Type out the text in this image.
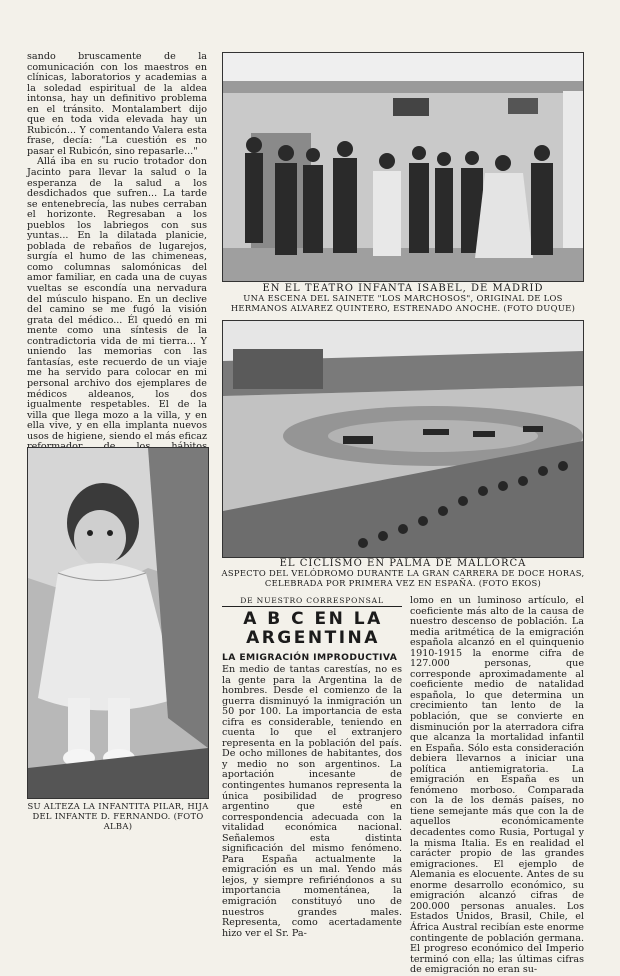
sando bruscamente de la comunicación con los maestros en clínicas, laboratorios y academias a la soledad espiritual de la aldea intonsa, hay un definitivo problema en el tránsito. Montalambert dijo que en toda vida elevada hay un Rubicón... Y comentando Valera esta frase, decía: "La cuestión es no pasar el Rubicón, sino repasarle..."

Allá iba en su rucio trotador don Jacinto para llevar la salud o la esperanza de la salud a los desdichados que sufren... La tarde se entenebrecía, las nubes cerraban el horizonte. Regresaban a los pueblos los labriegos con sus yuntas... En la dilatada planicie, poblada de rebaños de lugarejos, surgía el humo de las chimeneas, como columnas salomónicas del amor familiar, en cada una de cuyas vueltas se escondía una nervadura del músculo hispano. En un declive del camino se me fugó la visión grata del médico... Él quedó en mi mente como una síntesis de la contradictoria vida de mi tierra... Y uniendo las memorias con las fantasías, este recuerdo de un viaje me ha servido para colocar en mi personal archivo dos ejemplares de médicos aldeanos, los dos igualmente respetables. El de la villa que llega mozo a la villa, y en ella vive, y en ella implanta nuevos usos de higiene, siendo el más eficaz

SU ALTEZA LA INFANTITA PILAR, HIJA DEL INFANTE D. FERNANDO. (FOTO ALBA)
EN EL TEATRO INFANTA ISABEL, DE MADRID
UNA ESCENA DEL SAINETE "LOS MARCHOSOS", ORIGINAL DE LOS HERMANOS ALVAREZ QUINTERO, ESTRENADO ANOCHE. (FOTO DUQUE)
EL CICLISMO EN PALMA DE MALLORCA
ASPECTO DEL VELÓDROMO DURANTE LA GRAN CARRERA DE DOCE HORAS, CELEBRADA POR PRIMERA VEZ EN ESPAÑA. (FOTO EKOS)
DE NUESTRO CORRESPONSAL
A B C EN LA ARGENTINA
LA EMIGRACIÓN IMPRODUCTIVA

En medio de tantas carestías, no es la gente para la Argentina la de hombres. Desde el comienzo de la guerra disminuyó la inmigración un 50 por 100. La importancia de esta cifra es considerable, teniendo en cuenta lo que el extranjero representa en la población del país. De ocho millones de habitantes, dos y medio no son argentinos. La aportación incesante de contingentes humanos representa la única posibilidad de progreso argentino que esté en correspondencia adecuada con la vitalidad económica nacional. Señalemos esta distinta significación del mismo fenómeno. Para España actualmente la emigración es un mal. Yendo más lejos, y siempre refiriéndonos a su importancia momentánea, la emigración constituyó uno de nuestros grandes males. Representa, como acertadamente hizo ver el Sr. Pa-

lomo en un luminoso artículo, el coeficiente más alto de la causa de nuestro descenso de población. La media aritmética de la emigración española alcanzó en el quinquenio 1910-1915 la enorme cifra de 127.000 personas, que corresponde aproximadamente al coeficiente medio de natalidad española, lo que determina un crecimiento tan lento de la población, que se convierte en disminución por la aterradora cifra que alcanza la mortalidad infantil en España. Sólo esta consideración debiera llevarnos a iniciar una política antiemigratoria. La emigración en España es un fenómeno morboso. Comparada con la de los demás países, no tiene semejante más que con la de aquellos económicamente decadentes como Rusia, Portugal y la misma Italia. Es en realidad el carácter propio de las grandes emigraciones. El ejemplo de Alemania es elocuente. Antes de su enorme desarrollo económico, su emigración alcanzó cifras de 200.000 personas anuales. Los Estados Unidos, Brasil, Chile, el África Austral recibían este enorme contingente de población germana. El progreso económico del Imperio terminó con ella; las últimas cifras de emigración no eran su-
